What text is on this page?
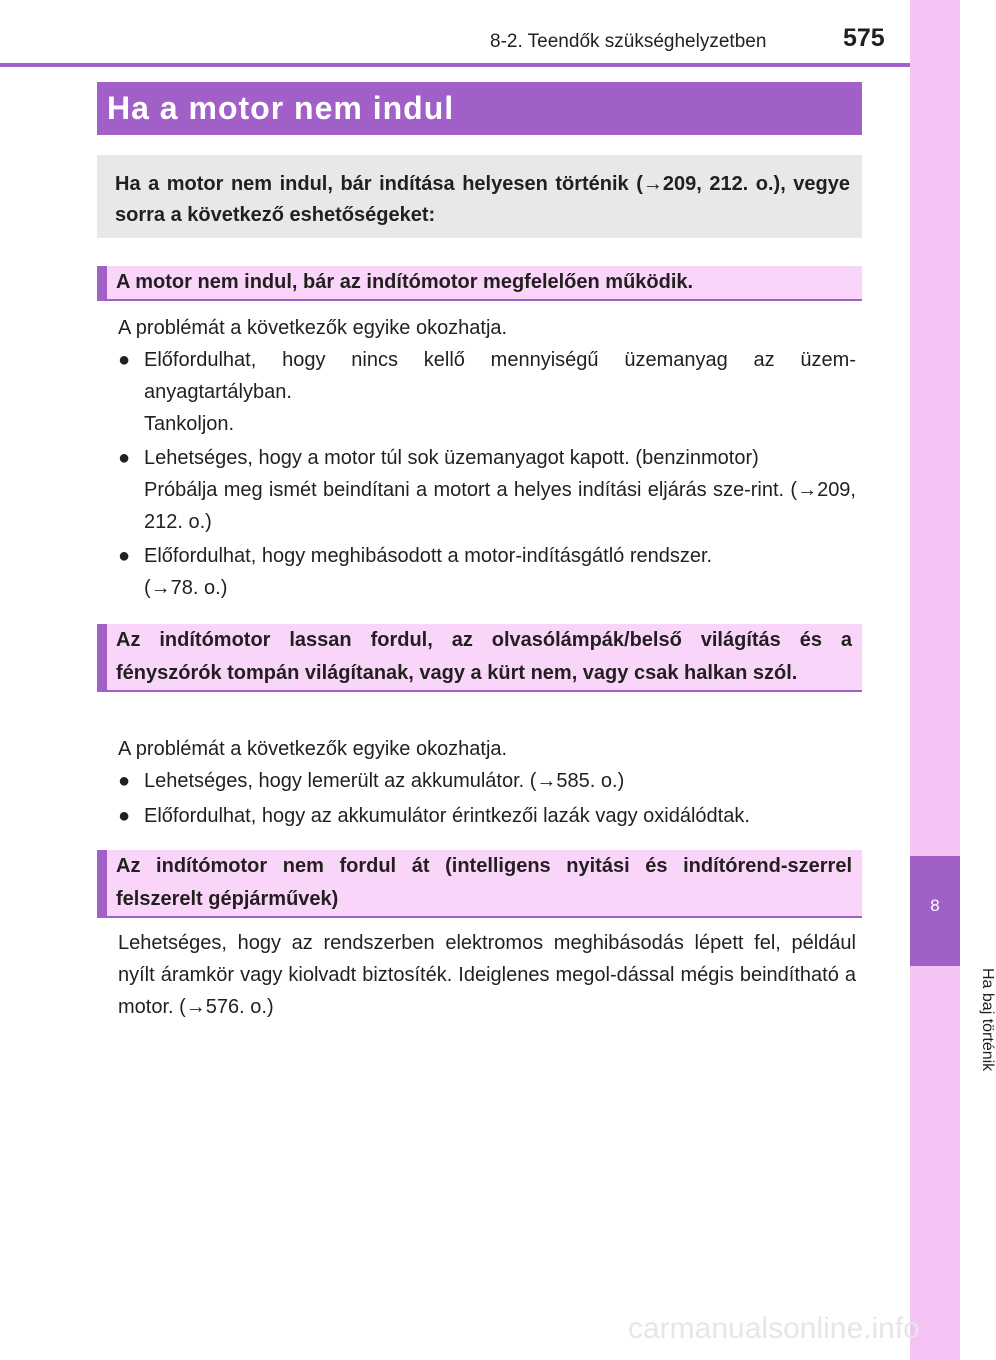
8
Ha baj történik
8-2. Teendők szükséghelyzetben	575
Ha a motor nem indul

Ha a motor nem indul, bár indítása helyesen történik (→209, 212. o.), vegye sorra a következő eshetőségeket:

A motor nem indul, bár az indítómotor megfelelően működik.

A problémát a következők egyike okozhatja.
● Előfordulhat, hogy nincs kellő mennyiségű üzemanyag az üzem-anyagtartályban.
Tankoljon.
● Lehetséges, hogy a motor túl sok üzemanyagot kapott. (benzinmotor)
Próbálja meg ismét beindítani a motort a helyes indítási eljárás sze-rint. (→209, 212. o.)
● Előfordulhat, hogy meghibásodott a motor-indításgátló rendszer.
(→78. o.)

Az indítómotor lassan fordul, az olvasólámpák/belső világítás és a fényszórók tompán világítanak, vagy a kürt nem, vagy csak halkan szól.

A problémát a következők egyike okozhatja.
● Lehetséges, hogy lemerült az akkumulátor. (→585. o.)
● Előfordulhat, hogy az akkumulátor érintkezői lazák vagy oxidálódtak.

Az indítómotor nem fordul át (intelligens nyitási és indítórend-szerrel felszerelt gépjárművek)

Lehetséges, hogy az rendszerben elektromos meghibásodás lépett fel, például nyílt áramkör vagy kiolvadt biztosíték. Ideiglenes megol-dással mégis beindítható a motor. (→576. o.)
carmanualsonline.info
